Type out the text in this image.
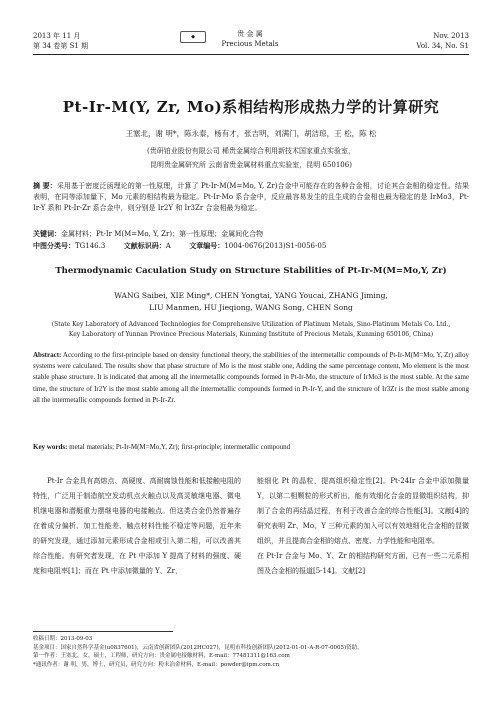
2013 年 11 月
第 34 卷第 S1 期
◆	贵 金 属
Precious Metals
Nov. 2013
Vol. 34, No. S1
Pt-Ir-M(Y, Zr, Mo)系相结构形成热力学的计算研究
王塞北，谢 明*，陈永泰，杨有才，张吉明，刘满门，胡洁琼，王 松，陈 松
(贵研铂业股份有限公司 稀贵金属综合利用新技术国家重点实验室，
昆明贵金属研究所 云南省贵金属材料重点实验室，昆明 650106)
摘 要：采用基于密度泛函理论的第一性原理，计算了 Pt-Ir-M(M=Mo, Y, Zr)合金中可能存在的各种合金相，讨论其合金相的稳定性。结果表明，在同等添加量下，Mo 元素的相结构最为稳定。Pt-Ir-Mo 系合金中，反应最容易发生的且生成的合金相也最为稳定的是 IrMo3，Pt-Ir-Y 系和 Pt-Ir-Zr 系合金中，则分别是 Ir2Y 和 Ir3Zr 合金相最为稳定。
关键词：金属材料；Pt-Ir M(M=Mo, Y, Zr)；第一性原理；金属间化合物
中图分类号：TG146.3	文献标识码：A	文章编号：1004-0676(2013)S1-0056-05
Thermodynamic Caculation Study on Structure Stabilities of Pt-Ir-M(M=Mo,Y, Zr)
WANG Saibei, XIE Ming*, CHEN Yongtai, YANG Youcai, ZHANG Jiming,
LIU Manmen, HU Jieqiong, WANG Song, CHEN Song
(State Key Laboratory of Advanced Technologies for Comprehensive Utilization of Platinum Metals, Sino-Platinum Metals Co. Ltd.,
Key Laboratory of Yunnan Province Precious Materials, Kunming Institute of Precious Metals, Kunming 650106, China)
Abstract: According to the first-principle based on density functional theory, the stabilities of the intermetallic compounds of Pt-Ir-M(M=Mo, Y, Zr) alloy systems were calculated. The results show that phase structure of Mo is the most stable one, Adding the same percentage content, Mo element is the most stable phase structure. It is indicated that among all the intermetallic compounds formed in Pt-Ir-Mo, the structure of IrMo3 is the most stable. At the same time, the structure of Ir2Y is the most stable among all the intermetallic compounds formed in Pt-Ir-Y, and the structure of Ir3Zr is the most stable among all the intermetallic compounds formed in Pt-Ir-Zr.
Key words: metal materials; Pt-Ir-M(M=Mo,Y, Zr); first-principle; intermetallic compound
Pt-Ir 合金具有高熔点、高硬度、高耐腐蚀性能和低接触电阻的特性，广泛用于制造航空发动机点火触点以及高灵敏继电器、微电机继电器和潜艇重力摆继电器的电接触点。但这类合金仍然普遍存在着成分偏析、加工性能差、触点材料性能不稳定等问题，近年来的研究发现，通过添加元素形成合金相或引入第二相，可以改善其综合性能。有研究者发现，在 Pt 中添加 Y 提高了材料的强度、硬度和电阻率[1]；而在 Pt 中添加微量的 Y、Zr，
能细化 Pt 的晶粒，提高组织稳定性[2]。Pt-24Ir 合金中添加微量 Y，以第二相颗粒的形式析出，能有效细化合金的显微组织结构，抑制了合金的再结晶过程，有利于改善合金的综合性能[3]。文献[4]的研究表明 Zr、Mo、Y 三种元素的加入可以有效地细化合金相的显微组织，并且提高合金相的熔点、密度、力学性能和电阻率。
在 Pt-Ir 合金与 Mo、Y、Zr 的相结构研究方面，已有一些二元系相图及合金相的报道[5-14]。文献[2]
收稿日期：2013-09-03
基金项目：国家自然科学基金(u0837601)，云南省创新团队(2012HC027)，昆明市科技创新团队(2012-01-01-A-R-07-0005)资助。
第一作者：王塞北，女，硕士，工程师，研究方向：贵金属电接触材料，E-mail：77481311@163.com
*通讯作者：谢 明，男，博士，研究员，研究方向：粉末冶金材料，E-mail：powder@ipm.com.cn
